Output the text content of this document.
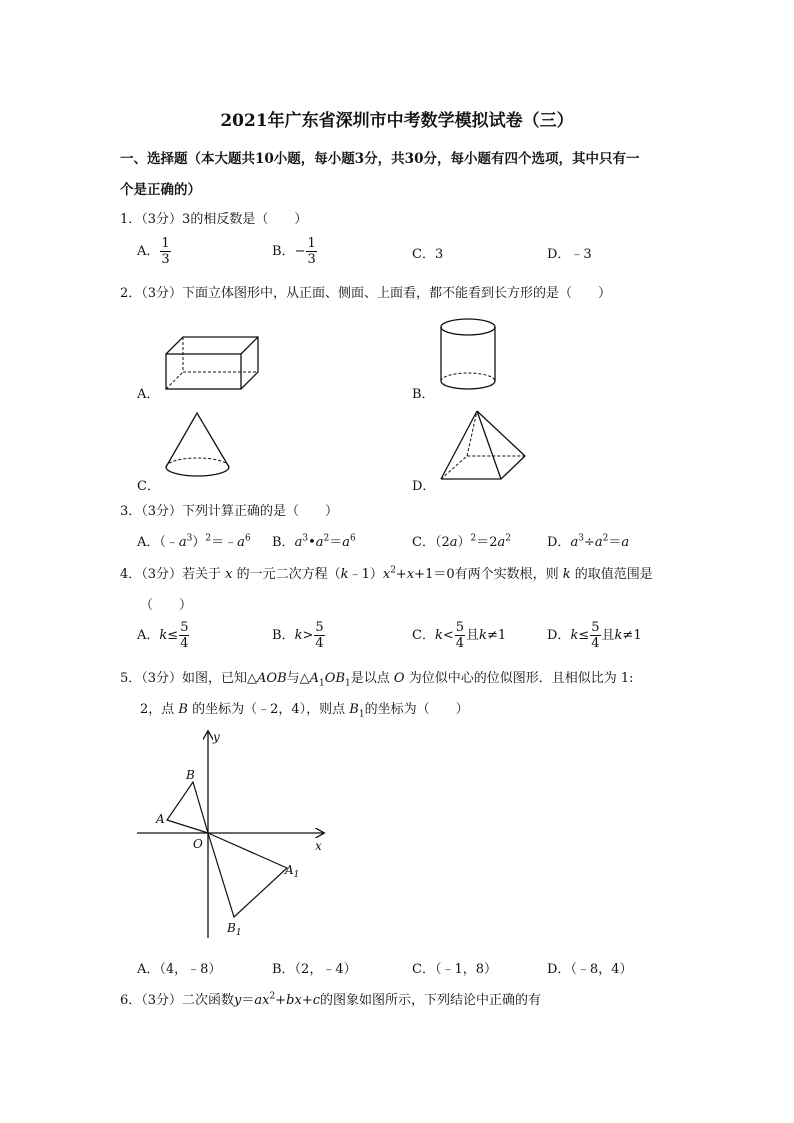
2021年广东省深圳市中考数学模拟试卷（三）
一、选择题（本大题共10小题，每小题3分，共30分，每小题有四个选项，其中只有一
个是正确的）
1．（3分）3的相反数是（　　）
A． $\frac{1}{3}$	B．− $\frac{1}{3}$	C．3	D．﹣3
2．（3分）下面立体图形中，从正面、侧面、上面看，都不能看到长方形的是（　　）
A．	B．
C．	D．
3．（3分）下列计算正确的是（　　）
A．$(﹣a^3)^2=﹣a^6$ B．$a^3•a^2=a^6$	C．$(2a)^2=2a^2$	D．$a^3\div a^2=a$
4．（3分）若关于 x 的一元二次方程$(k﹣1)x^2+x+1=0$有两个实数根，则 k 的取值范围是
（　　）
A．$k\le \frac{5}{4}$	B．$k> \frac{5}{4}$	C．$k< \frac{5}{4}$ 且k≠1	D．$k\le \frac{5}{4}$ 且k≠1
5．（3分）如图，已知△AOB与$\triangle A_1OB_1$是以点 O 为位似中心的位似图形．且相似比为 1:
2，点 B 的坐标为（﹣2，4），则点 $B_1$的坐标为（　　）
y
x
O
A
B
$A_1$
$B_1$
A．（4，﹣8）	B．（2，﹣4）	C．（﹣1，8）	D．（﹣8，4）
6．（3分）二次函数$y=ax^2+bx+c$的图象如图所示，下列结论中正确的有
